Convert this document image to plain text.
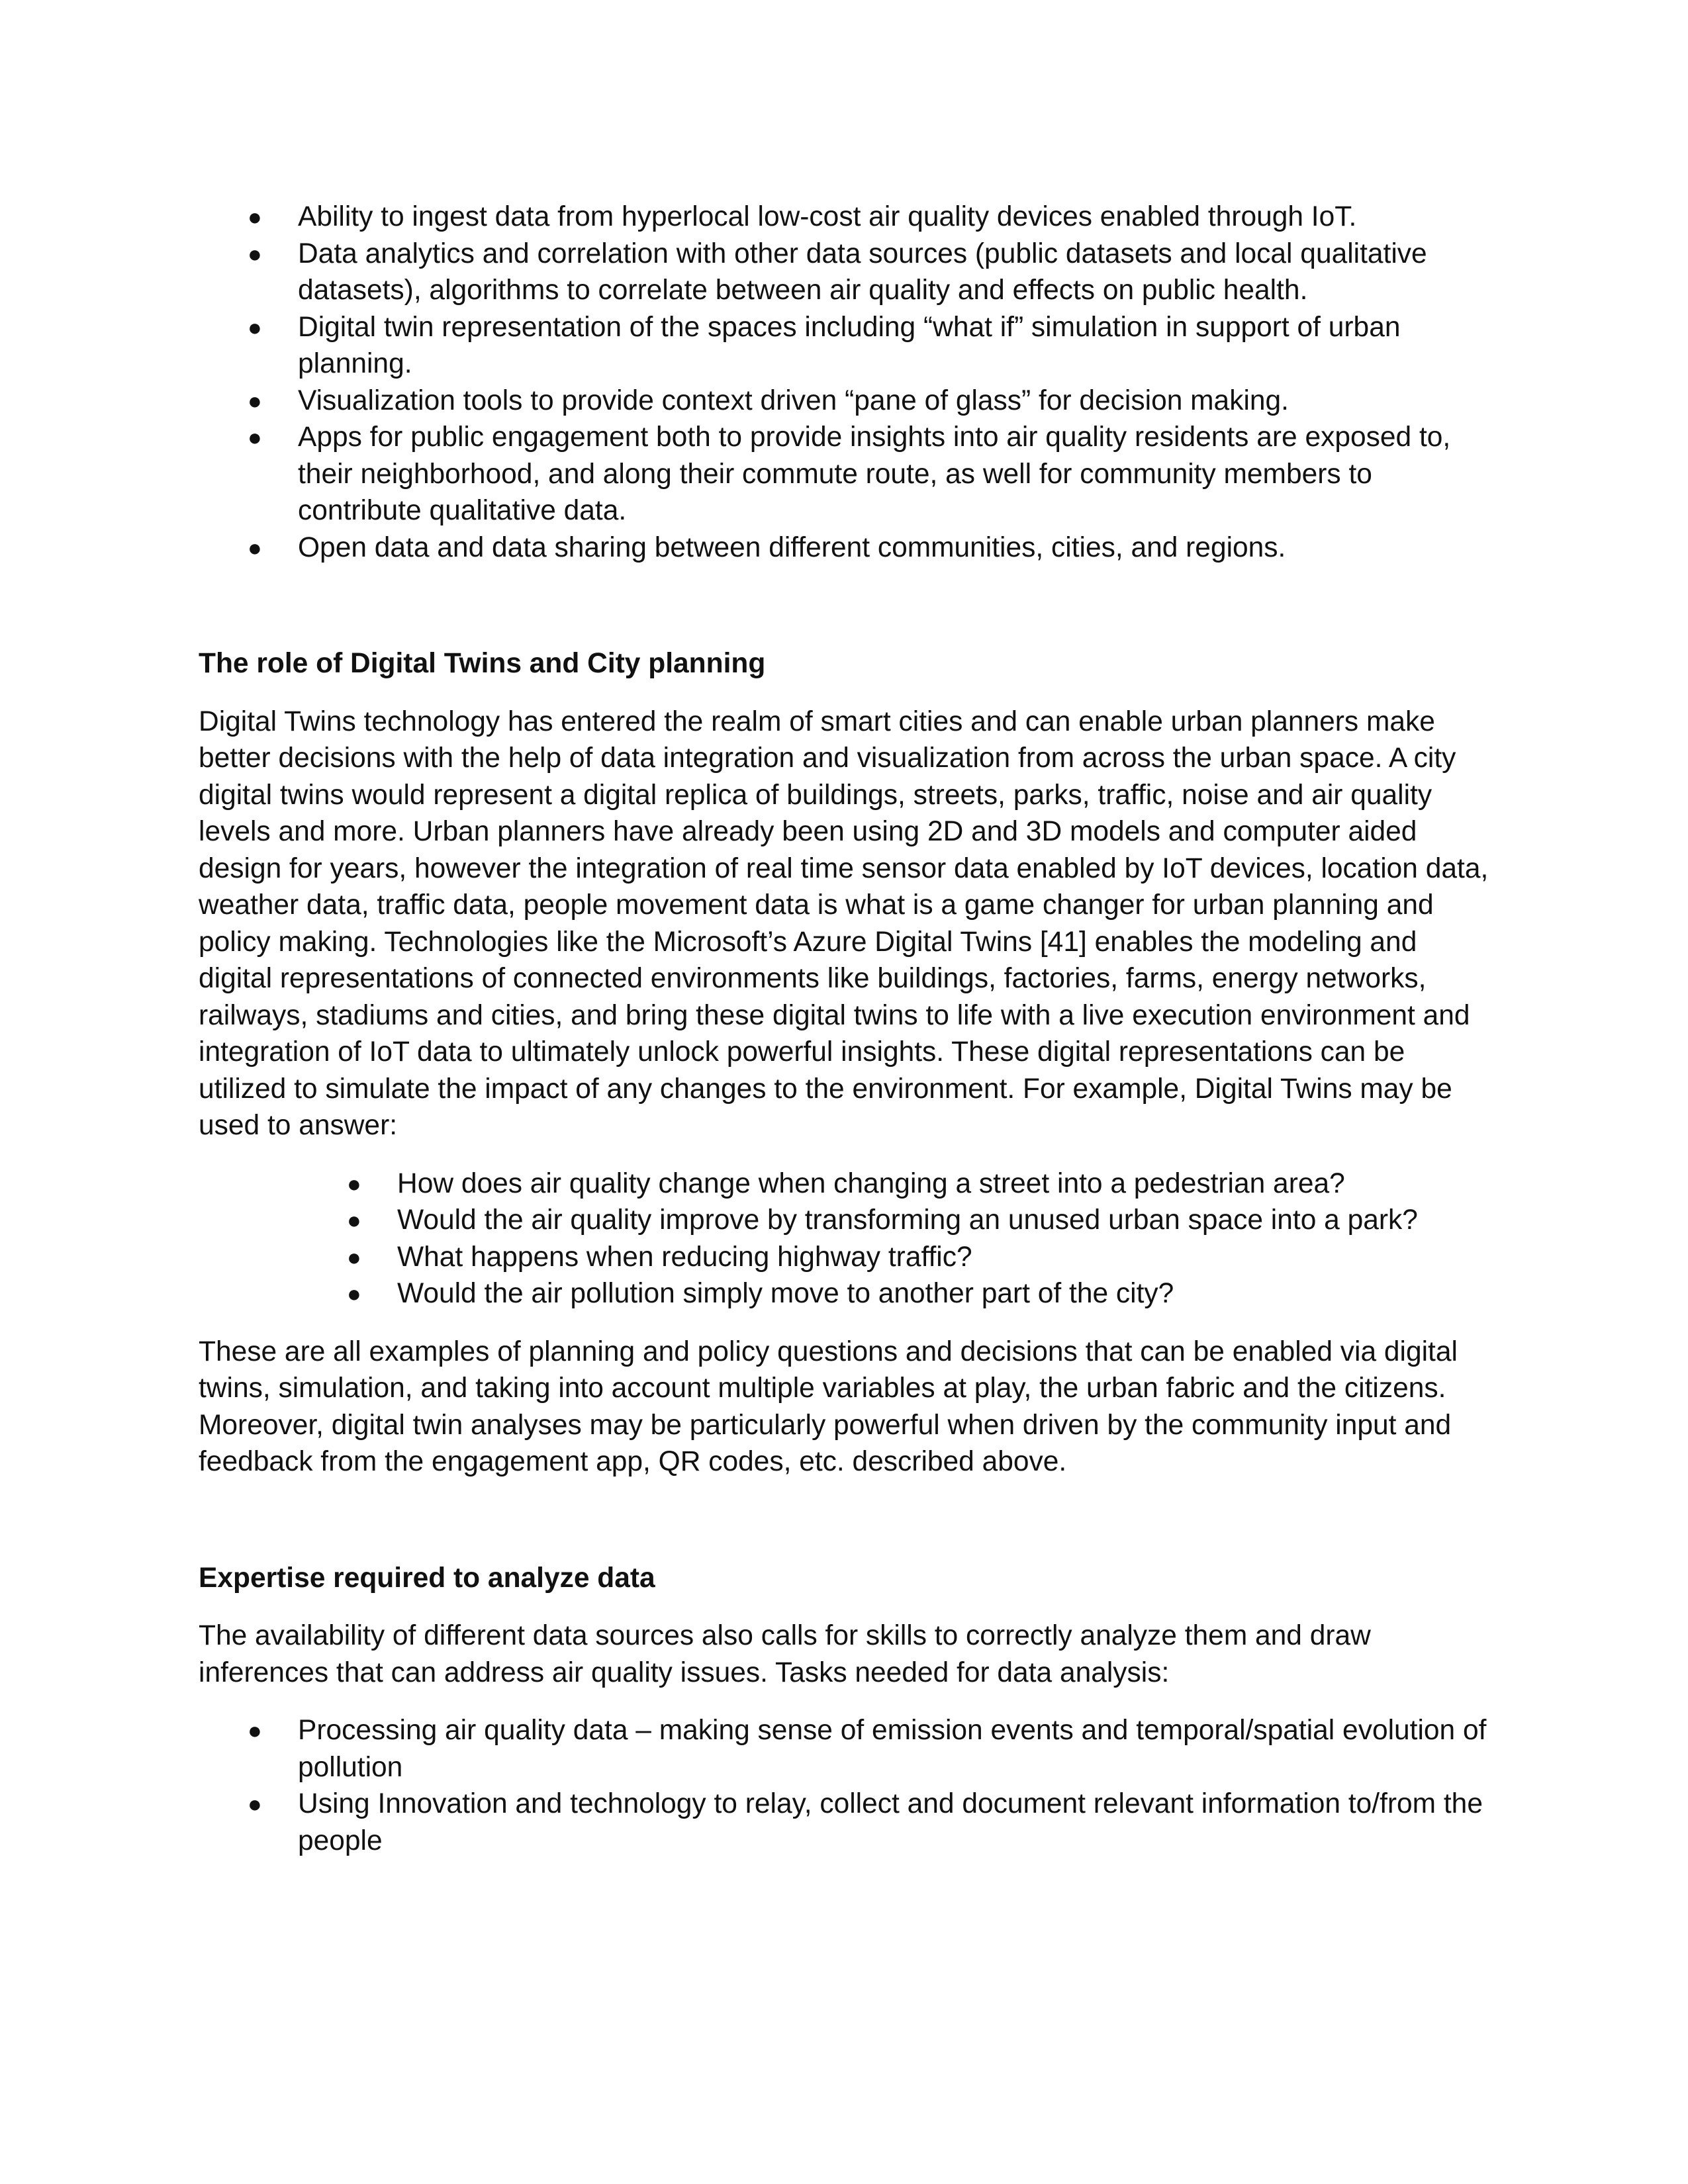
● Ability to ingest data from hyperlocal low-cost air quality devices enabled through IoT.
● Data analytics and correlation with other data sources (public datasets and local qualitative datasets), algorithms to correlate between air quality and effects on public health.
● Digital twin representation of the spaces including “what if” simulation in support of urban planning.
● Visualization tools to provide context driven “pane of glass” for decision making.
● Apps for public engagement both to provide insights into air quality residents are exposed to, their neighborhood, and along their commute route, as well for community members to contribute qualitative data.
● Open data and data sharing between different communities, cities, and regions.
The role of Digital Twins and City planning

Digital Twins technology has entered the realm of smart cities and can enable urban planners make better decisions with the help of data integration and visualization from across the urban space. A city digital twins would represent a digital replica of buildings, streets, parks, traffic, noise and air quality levels and more. Urban planners have already been using 2D and 3D models and computer aided design for years, however the integration of real time sensor data enabled by IoT devices, location data, weather data, traffic data, people movement data is what is a game changer for urban planning and policy making. Technologies like the Microsoft’s Azure Digital Twins [41] enables the modeling and digital representations of connected environments like buildings, factories, farms, energy networks, railways, stadiums and cities, and bring these digital twins to life with a live execution environment and integration of IoT data to ultimately unlock powerful insights. These digital representations can be utilized to simulate the impact of any changes to the environment. For example, Digital Twins may be used to answer:

● How does air quality change when changing a street into a pedestrian area?
● Would the air quality improve by transforming an unused urban space into a park?
● What happens when reducing highway traffic?
● Would the air pollution simply move to another part of the city?

These are all examples of planning and policy questions and decisions that can be enabled via digital twins, simulation, and taking into account multiple variables at play, the urban fabric and the citizens. Moreover, digital twin analyses may be particularly powerful when driven by the community input and feedback from the engagement app, QR codes, etc. described above.

Expertise required to analyze data

The availability of different data sources also calls for skills to correctly analyze them and draw inferences that can address air quality issues. Tasks needed for data analysis:

● Processing air quality data – making sense of emission events and temporal/spatial evolution of pollution
● Using Innovation and technology to relay, collect and document relevant information to/from the people
